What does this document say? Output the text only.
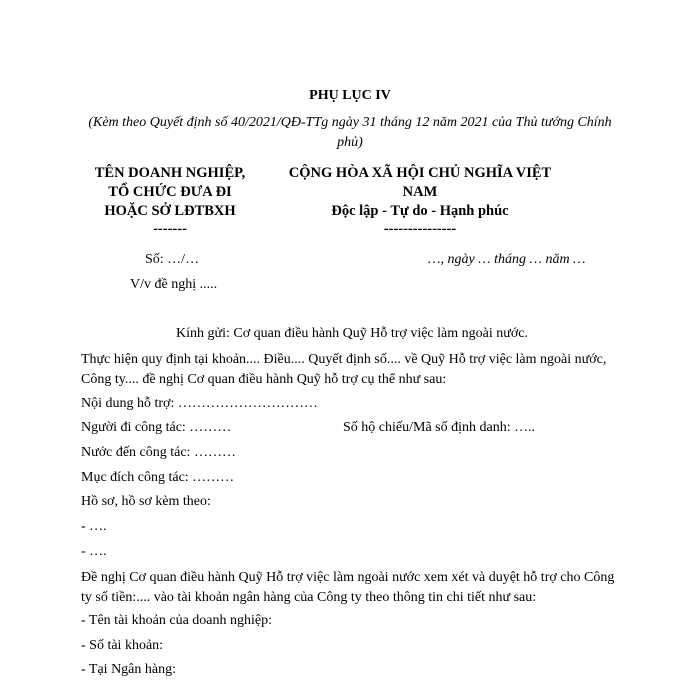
PHỤ LỤC IV
(Kèm theo Quyết định số 40/2021/QĐ-TTg ngày 31 tháng 12 năm 2021 của Thủ tướng Chính phủ)
TÊN DOANH NGHIỆP,
TỔ CHỨC ĐƯA ĐI
HOẶC SỞ LĐTBXH
-------
CỘNG HÒA XÃ HỘI CHỦ NGHĨA VIỆT NAM
Độc lập - Tự do - Hạnh phúc
---------------
Số: …/…	…, ngày … tháng … năm …
V/v đề nghị .....
Kính gửi: Cơ quan điều hành Quỹ Hỗ trợ việc làm ngoài nước.
Thực hiện quy định tại khoản.... Điều.... Quyết định số.... về Quỹ Hỗ trợ việc làm ngoài nước, Công ty.... đề nghị Cơ quan điều hành Quỹ hỗ trợ cụ thể như sau:
Nội dung hỗ trợ: …………………………
Người đi công tác: ………	Số hộ chiếu/Mã số định danh: …..
Nước đến công tác: ………
Mục đích công tác: ………
Hồ sơ, hồ sơ kèm theo:
- ….
- ….
Đề nghị Cơ quan điều hành Quỹ Hỗ trợ việc làm ngoài nước xem xét và duyệt hỗ trợ cho Công ty số tiền:.... vào tài khoản ngân hàng của Công ty theo thông tin chi tiết như sau:
- Tên tài khoản của doanh nghiệp:
- Số tài khoản:
- Tại Ngân hàng:
